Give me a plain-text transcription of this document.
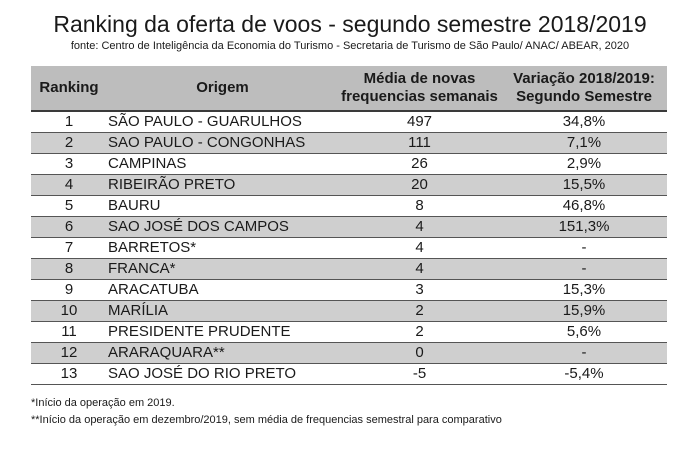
Ranking da oferta de voos - segundo semestre 2018/2019
fonte: Centro de Inteligência da Economia do Turismo - Secretaria de Turismo de São Paulo/ ANAC/ ABEAR, 2020
Ranking	Origem	Média de novas
frequencias semanais	Variação 2018/2019:
Segundo Semestre
1	SÃO PAULO - GUARULHOS	497	34,8%
2	SAO PAULO - CONGONHAS	111	7,1%
3	CAMPINAS	26	2,9%
4	RIBEIRÃO PRETO	20	15,5%
5	BAURU	8	46,8%
6	SAO JOSÉ DOS CAMPOS	4	151,3%
7	BARRETOS*	4	-
8	FRANCA*	4	-
9	ARACATUBA	3	15,3%
10	MARÍLIA	2	15,9%
11	PRESIDENTE PRUDENTE	2	5,6%
12	ARARAQUARA**	0	-
13	SAO JOSÉ DO RIO PRETO	-5	-5,4%
*Início da operação em 2019.
**Início da operação em dezembro/2019, sem média de frequencias semestral para comparativo
